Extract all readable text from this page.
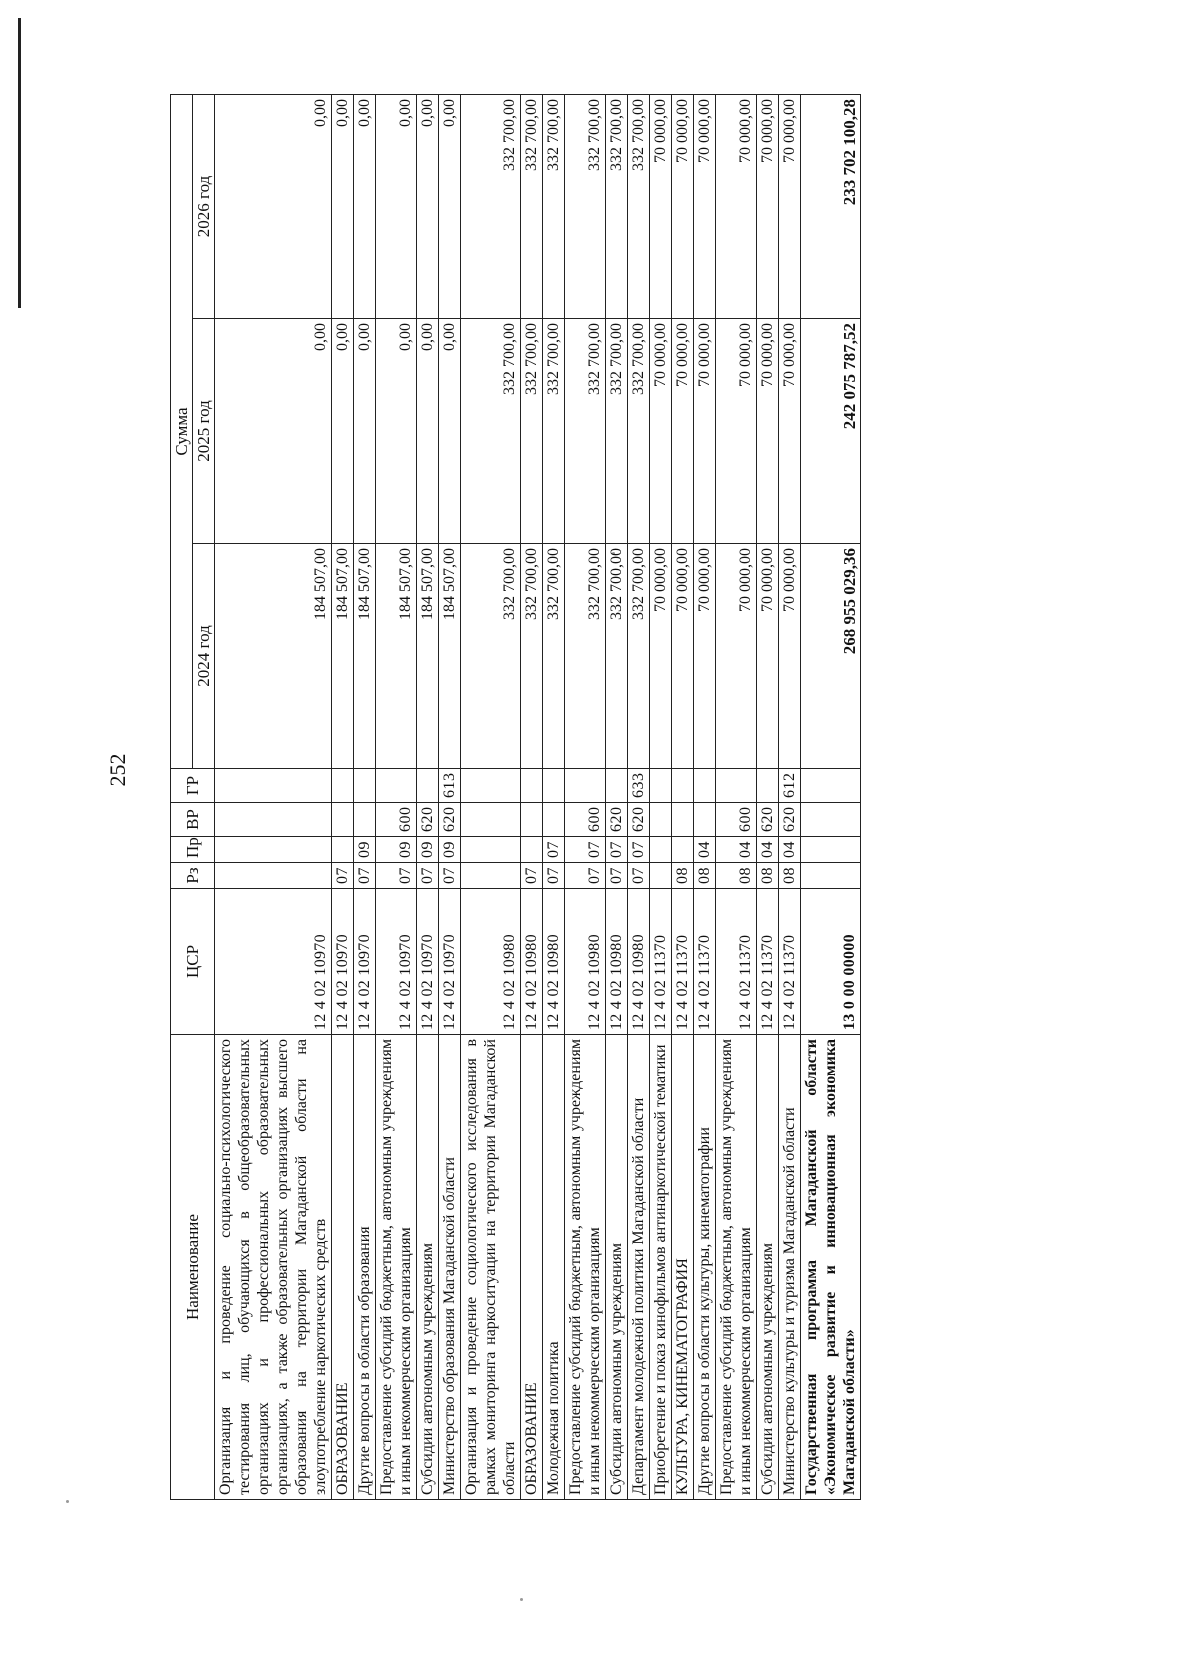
252
Наименование	ЦСР	Рз	Пр	ВР	ГР	Сумма		
						2024 год	2025 год	2026 год
Организация и проведение социально-психологического тестирования лиц, обучающихся в общеобразовательных организациях и профессиональных образовательных организациях, а также образовательных организациях высшего образования на территории Магаданской области на злоупотребление наркотических средств	12 4 02 10970					184 507,00	0,00	0,00
ОБРАЗОВАНИЕ	12 4 02 10970	07				184 507,00	0,00	0,00
Другие вопросы в области образования	12 4 02 10970	07	09			184 507,00	0,00	0,00
Предоставление субсидий бюджетным, автономным учреждениям и иным некоммерческим организациям	12 4 02 10970	07	09	600		184 507,00	0,00	0,00
Субсидии автономным учреждениям	12 4 02 10970	07	09	620		184 507,00	0,00	0,00
Министерство образования Магаданской области	12 4 02 10970	07	09	620	613	184 507,00	0,00	0,00
Организация и проведение социологического исследования в рамках мониторинга наркоситуации на территории Магаданской области	12 4 02 10980					332 700,00	332 700,00	332 700,00
ОБРАЗОВАНИЕ	12 4 02 10980	07				332 700,00	332 700,00	332 700,00
Молодежная политика	12 4 02 10980	07	07			332 700,00	332 700,00	332 700,00
Предоставление субсидий бюджетным, автономным учреждениям и иным некоммерческим организациям	12 4 02 10980	07	07	600		332 700,00	332 700,00	332 700,00
Субсидии автономным учреждениям	12 4 02 10980	07	07	620		332 700,00	332 700,00	332 700,00
Департамент молодежной политики Магаданской области	12 4 02 10980	07	07	620	633	332 700,00	332 700,00	332 700,00
Приобретение и показ кинофильмов антинаркотической тематики	12 4 02 11370					70 000,00	70 000,00	70 000,00
КУЛЬТУРА, КИНЕМАТОГРАФИЯ	12 4 02 11370	08				70 000,00	70 000,00	70 000,00
Другие вопросы в области культуры, кинематографии	12 4 02 11370	08	04			70 000,00	70 000,00	70 000,00
Предоставление субсидий бюджетным, автономным учреждениям и иным некоммерческим организациям	12 4 02 11370	08	04	600		70 000,00	70 000,00	70 000,00
Субсидии автономным учреждениям	12 4 02 11370	08	04	620		70 000,00	70 000,00	70 000,00
Министерство культуры и туризма Магаданской области	12 4 02 11370	08	04	620	612	70 000,00	70 000,00	70 000,00
Государственная программа Магаданской области «Экономическое развитие и инновационная экономика Магаданской области»	13 0 00 00000					268 955 029,36	242 075 787,52	233 702 100,28
